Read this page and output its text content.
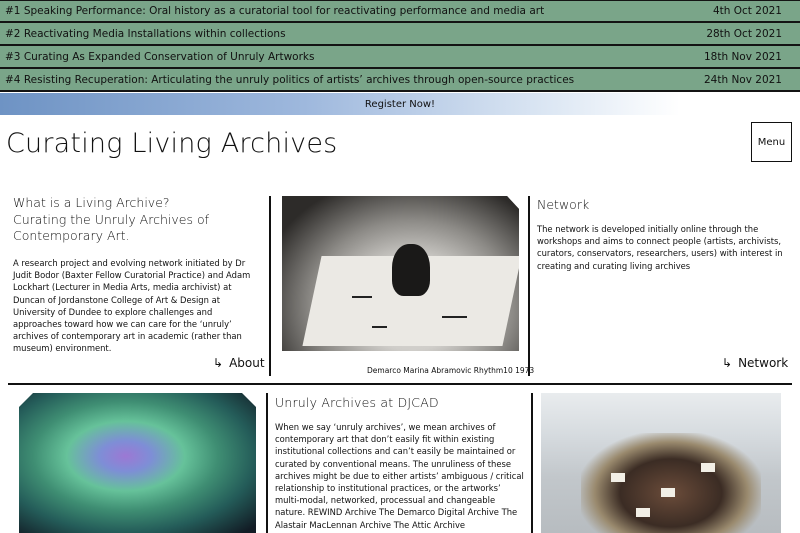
#1 Speaking Performance: Oral history as a curatorial tool for reactivating performance and media art	4th Oct 2021
#2 Reactivating Media Installations within collections	28th Oct 2021
#3 Curating As Expanded Conservation of Unruly Artworks	18th Nov 2021
#4 Resisting Recuperation: Articulating the unruly politics of artists’ archives through open-source practices	24th Nov 2021
Register Now!
Curating Living Archives	Menu
What is a Living Archive?
Curating the Unruly Archives of Contemporary Art.
A research project and evolving network initiated by Dr Judit Bodor (Baxter Fellow Curatorial Practice) and Adam Lockhart (Lecturer in Media Arts, media archivist) at Duncan of Jordanstone College of Art & Design at University of Dundee to explore challenges and approaches toward how we can care for the ‘unruly’ archives of contemporary art in academic (rather than museum) environment.
↳ About
Demarco Marina Abramovic Rhythm10 1973
Network
The network is developed initially online through the workshops and aims to connect people (artists, archivists, curators, conservators, researchers, users) with interest in creating and curating living archives
↳ Network
Unruly Archives at DJCAD
When we say ‘unruly archives’, we mean archives of contemporary art that don’t easily fit within existing institutional collections and can’t easily be maintained or curated by conventional means. The unruliness of these archives might be due to either artists’ ambiguous / critical relationship to institutional practices, or the artworks’ multi-modal, networked, processual and changeable nature. REWIND Archive The Demarco Digital Archive The Alastair MacLennan Archive The Attic Archive
